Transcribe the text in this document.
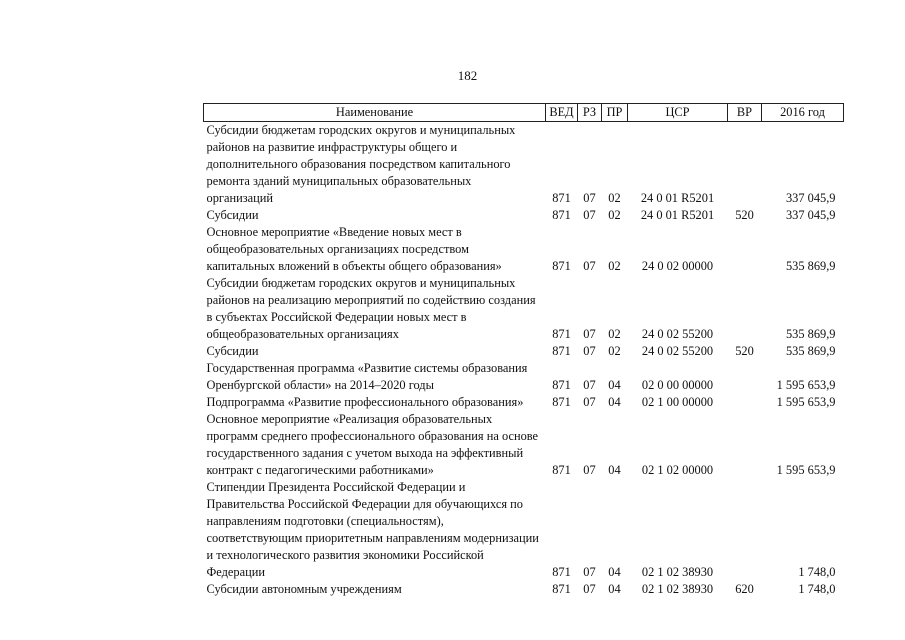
182
Наименование	ВЕД	РЗ	ПР	ЦСР	ВР	2016 год
Субсидии бюджетам городских округов и муниципальных районов на развитие инфраструктуры общего и дополнительного образования посредством капитального ремонта зданий муниципальных образовательных организаций	871	07	02	24 0 01 R5201		337 045,9
Субсидии	871	07	02	24 0 01 R5201	520	337 045,9
Основное мероприятие «Введение новых мест в общеобразовательных организациях посредством капитальных вложений в объекты общего образования»	871	07	02	24 0 02 00000		535 869,9
Субсидии бюджетам городских округов и муниципальных районов на реализацию мероприятий по содействию создания в субъектах Российской Федерации новых мест в общеобразовательных организациях	871	07	02	24 0 02 55200		535 869,9
Субсидии	871	07	02	24 0 02 55200	520	535 869,9
Государственная программа «Развитие системы образования Оренбургской области» на 2014–2020 годы	871	07	04	02 0 00 00000		1 595 653,9
Подпрограмма «Развитие профессионального образования»	871	07	04	02 1 00 00000		1 595 653,9
Основное мероприятие «Реализация образовательных программ среднего профессионального образования на основе государственного задания с учетом выхода на эффективный контракт с педагогическими работниками»	871	07	04	02 1 02 00000		1 595 653,9
Стипендии Президента Российской Федерации и Правительства Российской Федерации для обучающихся по направлениям подготовки (специальностям), соответствующим приоритетным направлениям модернизации и технологического развития экономики Российской Федерации	871	07	04	02 1 02 38930		1 748,0
Субсидии автономным учреждениям	871	07	04	02 1 02 38930	620	1 748,0
